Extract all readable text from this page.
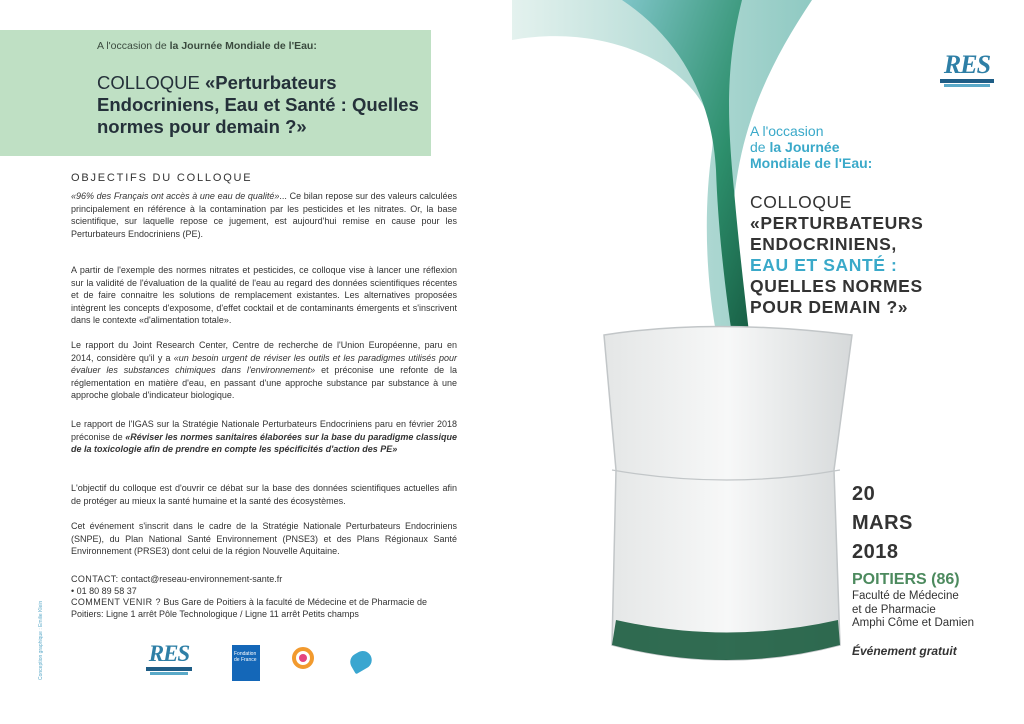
A l'occasion de la Journée Mondiale de l'Eau:
COLLOQUE «Perturbateurs Endocriniens, Eau et Santé : Quelles normes pour demain ?»
OBJECTIFS DU COLLOQUE
«96% des Français ont accès à une eau de qualité»... Ce bilan repose sur des valeurs calculées principalement en référence à la contamination par les pesticides et les nitrates. Or, la base scientifique, sur laquelle repose ce jugement, est aujourd'hui remise en cause pour les Perturbateurs Endocriniens (PE).
A partir de l'exemple des normes nitrates et pesticides, ce colloque vise à lancer une réflexion sur la validité de l'évaluation de la qualité de l'eau au regard des données scientifiques récentes et de faire connaitre les solutions de remplacement existantes. Les alternatives proposées intègrent les concepts d'exposome, d'effet cocktail et de contaminants émergents et s'inscrivent dans le contexte «d'alimentation totale».
Le rapport du Joint Research Center, Centre de recherche de l'Union Européenne, paru en 2014, considère qu'il y a «un besoin urgent de réviser les outils et les paradigmes utilisés pour évaluer les substances chimiques dans l'environnement» et préconise une refonte de la réglementation en matière d'eau, en passant d'une approche substance par substance à une approche globale d'indicateur biologique.
Le rapport de l'IGAS sur la Stratégie Nationale Perturbateurs Endocriniens paru en février 2018 préconise de «Réviser les normes sanitaires élaborées sur la base du paradigme classique de la toxicologie afin de prendre en compte les spécificités d'action des PE»
L'objectif du colloque est d'ouvrir ce débat sur la base des données scientifiques actuelles afin de protéger au mieux la santé humaine et la santé des écosystèmes.
Cet événement s'inscrit dans le cadre de la Stratégie Nationale Perturbateurs Endocriniens (SNPE), du Plan National Santé Environnement (PNSE3) et des Plans Régionaux Santé Environnement (PRSE3) dont celui de la région Nouvelle Aquitaine.
CONTACT: contact@reseau-environnement-sante.fr
• 01 80 89 58 37
COMMENT VENIR ? Bus Gare de Poitiers à la faculté de Médecine et de Pharmacie de Poitiers: Ligne 1 arrêt Pôle Technologique / Ligne 11 arrêt Petits champs
Conception graphique : Emilie Klein	RES	Fondation de France
RES
A l'occasion
de la Journée
Mondiale de l'Eau:
COLLOQUE
«PERTURBATEURS
ENDOCRINIENS,
EAU ET SANTÉ :
QUELLES NORMES
POUR DEMAIN ?»
20
MARS
2018
POITIERS (86)
Faculté de Médecine
et de Pharmacie
Amphi Côme et Damien
Événement gratuit
